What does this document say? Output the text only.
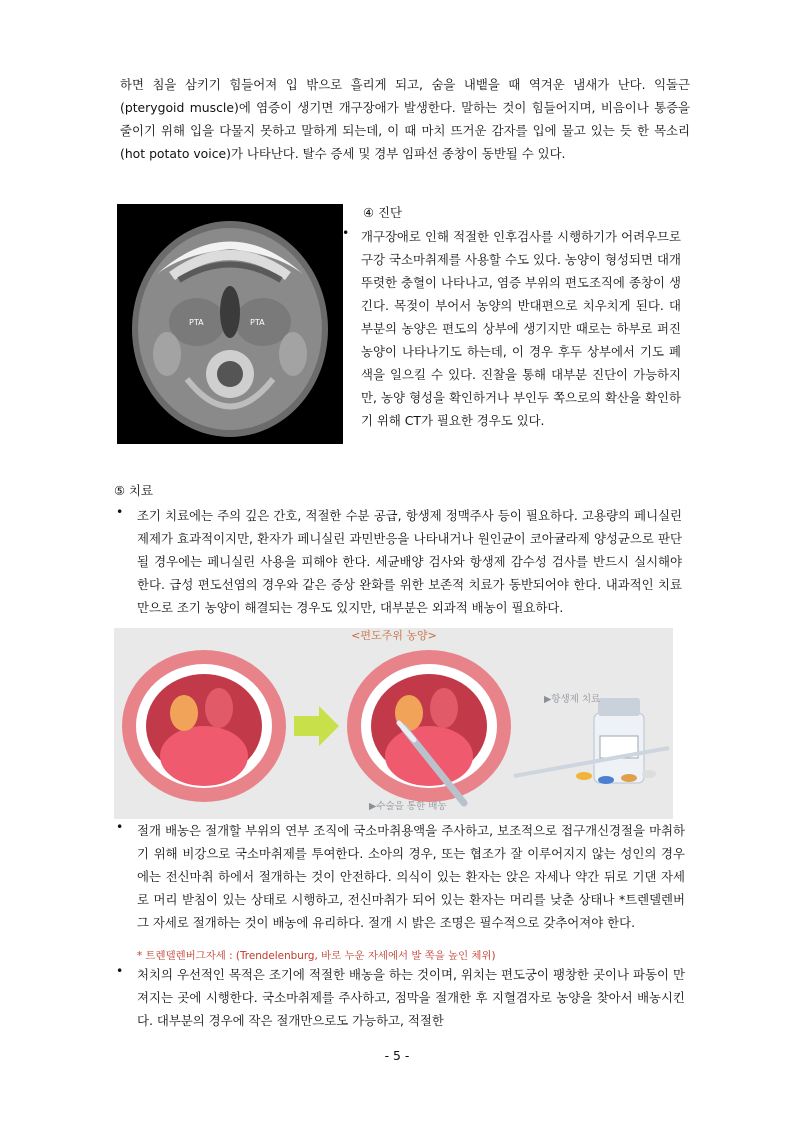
하면 침을 삼키기 힘들어져 입 밖으로 흘리게 되고, 숨을 내뱉을 때 역겨운 냄새가 난다. 익돌근(pterygoid muscle)에 염증이 생기면 개구장애가 발생한다. 말하는 것이 힘들어지며, 비음이나 통증을 줄이기 위해 입을 다물지 못하고 말하게 되는데, 이 때 마치 뜨거운 감자를 입에 물고 있는 듯 한 목소리(hot potato voice)가 나타난다. 탈수 증세 및 경부 임파선 종창이 동반될 수 있다.

PTA	PTA
④ 진단
• 개구장애로 인해 적절한 인후검사를 시행하기가 어려우므로 구강 국소마취제를 사용할 수도 있다. 농양이 형성되면 대개 뚜렷한 충혈이 나타나고, 염증 부위의 편도조직에 종창이 생긴다. 목젖이 부어서 농양의 반대편으로 치우치게 된다. 대부분의 농양은 편도의 상부에 생기지만 때로는 하부로 퍼진 농양이 나타나기도 하는데, 이 경우 후두 상부에서 기도 폐색을 일으킬 수 있다. 진찰을 통해 대부분 진단이 가능하지만, 농양 형성을 확인하거나 부인두 쪽으로의 확산을 확인하기 위해 CT가 필요한 경우도 있다.

⑤ 치료
• 조기 치료에는 주의 깊은 간호, 적절한 수분 공급, 항생제 정맥주사 등이 필요하다. 고용량의 페니실린 제제가 효과적이지만, 환자가 페니실린 과민반응을 나타내거나 원인균이 코아귤라제 양성균으로 판단될 경우에는 페니실린 사용을 피해야 한다. 세균배양 검사와 항생제 감수성 검사를 반드시 실시해야 한다. 급성 편도선염의 경우와 같은 증상 완화를 위한 보존적 치료가 동반되어야 한다. 내과적인 치료만으로 조기 농양이 해결되는 경우도 있지만, 대부분은 외과적 배농이 필요하다.

<편도주위 농양>
▶항생제 치료
▶수술을 통한 배농
• 절개 배농은 절개할 부위의 연부 조직에 국소마취용액을 주사하고, 보조적으로 접구개신경절을 마취하기 위해 비강으로 국소마취제를 투여한다. 소아의 경우, 또는 협조가 잘 이루어지지 않는 성인의 경우에는 전신마취 하에서 절개하는 것이 안전하다. 의식이 있는 환자는 앉은 자세나 약간 뒤로 기댄 자세로 머리 받침이 있는 상태로 시행하고, 전신마취가 되어 있는 환자는 머리를 낮춘 상태나 *트렌델렌버그 자세로 절개하는 것이 배농에 유리하다. 절개 시 밝은 조명은 필수적으로 갖추어져야 한다.

* 트렌델렌버그자세 : (Trendelenburg, 바로 누운 자세에서 발 쪽을 높인 체위)
• 처치의 우선적인 목적은 조기에 적절한 배농을 하는 것이며, 위치는 편도궁이 팽창한 곳이나 파동이 만져지는 곳에 시행한다. 국소마취제를 주사하고, 점막을 절개한 후 지혈겸자로 농양을 찾아서 배농시킨다. 대부분의 경우에 작은 절개만으로도 가능하고, 적절한

- 5 -
